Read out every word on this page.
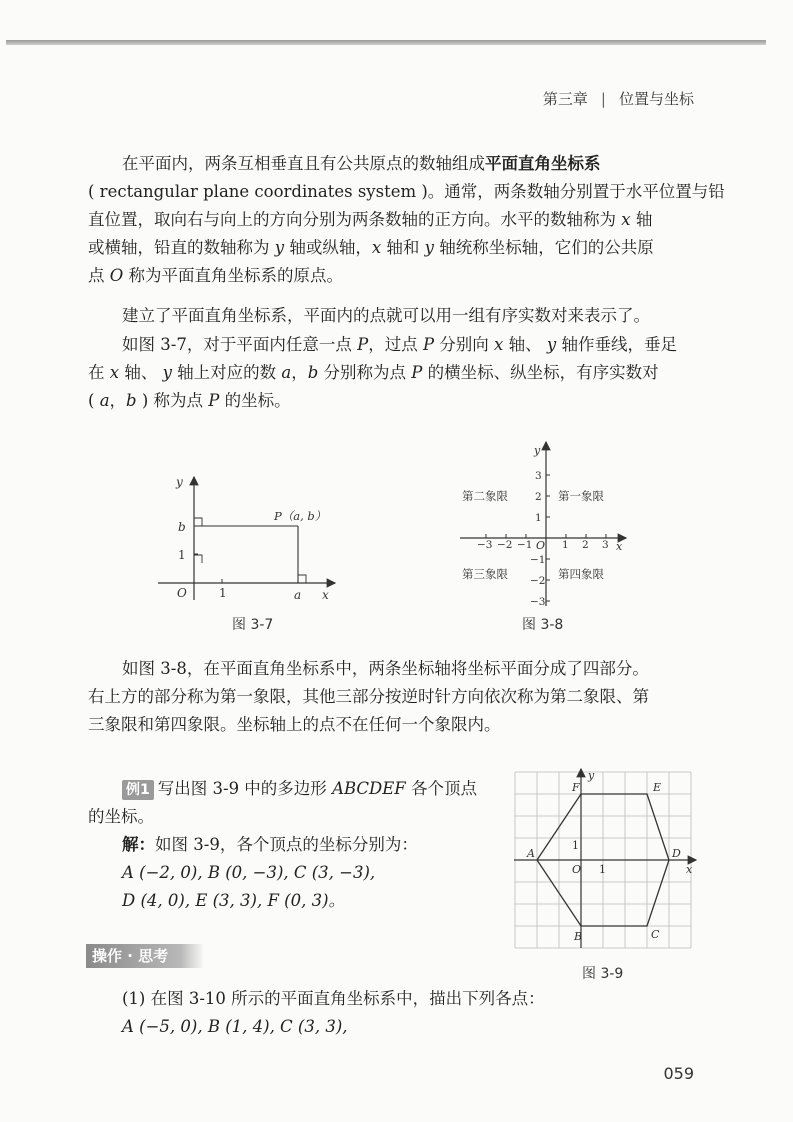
第三章 | 位置与坐标
在平面内，两条互相垂直且有公共原点的数轴组成平面直角坐标系
( rectangular plane coordinates system )。通常，两条数轴分别置于水平位置与铅
直位置，取向右与向上的方向分别为两条数轴的正方向。水平的数轴称为 x 轴
或横轴，铅直的数轴称为 y 轴或纵轴，x 轴和 y 轴统称坐标轴，它们的公共原
点 O 称为平面直角坐标系的原点。
建立了平面直角坐标系，平面内的点就可以用一组有序实数对来表示了。
如图 3-7，对于平面内任意一点 P，过点 P 分别向 x 轴、 y 轴作垂线，垂足
在 x 轴、 y 轴上对应的数 a，b 分别称为点 P 的横坐标、纵坐标，有序实数对
( a，b ) 称为点 P 的坐标。
y
x
O
b
1
1	a
P（a, b）
图 3-7
y
x
O
−3 −2 −1	1 2 3
3
2
1
−1
−2
−3
第二象限	第一象限
第三象限	第四象限
图 3-8
如图 3-8，在平面直角坐标系中，两条坐标轴将坐标平面分成了四部分。
右上方的部分称为第一象限，其他三部分按逆时针方向依次称为第二象限、第
三象限和第四象限。坐标轴上的点不在任何一个象限内。
例1 写出图 3-9 中的多边形 ABCDEF 各个顶点
的坐标。
解：如图 3-9，各个顶点的坐标分别为：
A (−2, 0), B (0, −3), C (3, −3),
D (4, 0), E (3, 3), F (0, 3)。
A
B	C
D
E
F
y
x
O 1
1
图 3-9
操作 · 思考
(1) 在图 3-10 所示的平面直角坐标系中，描出下列各点：
A (−5, 0), B (1, 4), C (3, 3),
059
